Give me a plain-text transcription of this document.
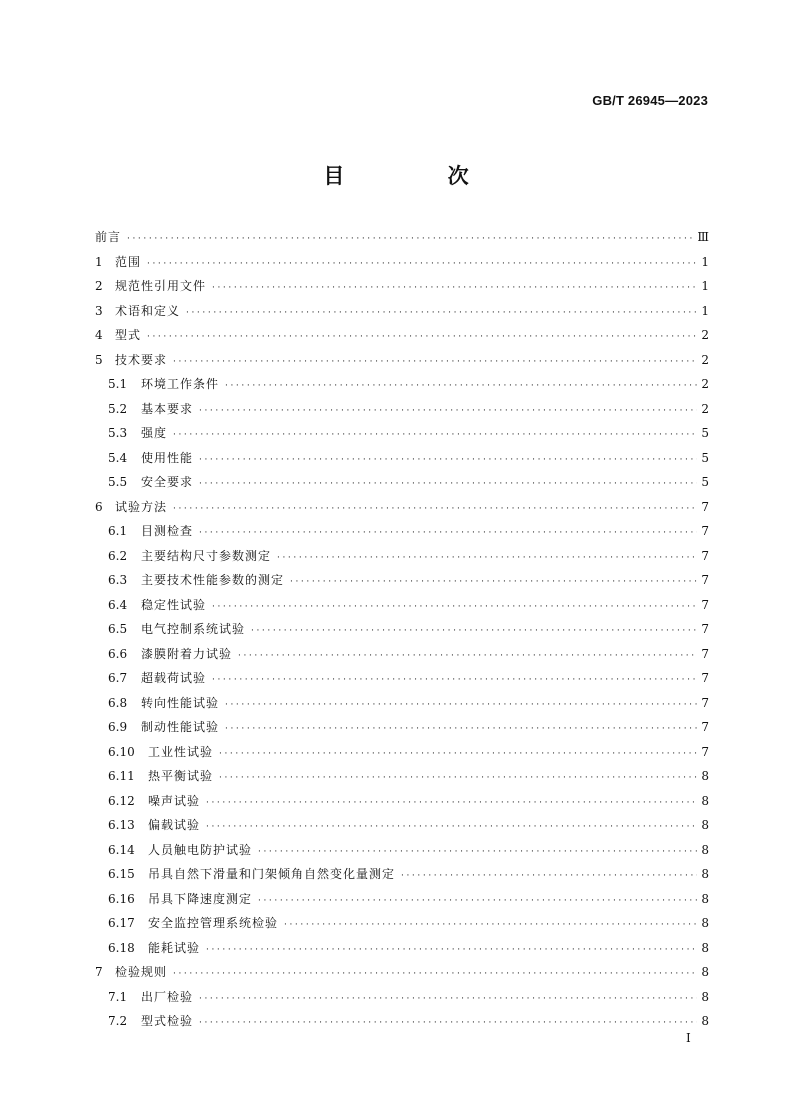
GB/T 26945—2023
目 次
前言 ·····	Ⅲ
1	范围 ·····	1
2	规范性引用文件 ·····	1
3	术语和定义 ·····	1
4	型式 ·····	2
5	技术要求 ·····	2
5.1	环境工作条件 ·····	2
5.2	基本要求 ·····	2
5.3	强度 ·····	5
5.4	使用性能 ·····	5
5.5	安全要求 ·····	5
6	试验方法 ·····	7
6.1	目测检查 ·····	7
6.2	主要结构尺寸参数测定 ·····	7
6.3	主要技术性能参数的测定 ·····	7
6.4	稳定性试验 ·····	7
6.5	电气控制系统试验 ·····	7
6.6	漆膜附着力试验 ·····	7
6.7	超载荷试验 ·····	7
6.8	转向性能试验 ·····	7
6.9	制动性能试验 ·····	7
6.10	工业性试验 ·····	7
6.11	热平衡试验 ·····	8
6.12	噪声试验 ·····	8
6.13	偏载试验 ·····	8
6.14	人员触电防护试验 ·····	8
6.15	吊具自然下滑量和门架倾角自然变化量测定 ·····	8
6.16	吊具下降速度测定 ·····	8
6.17	安全监控管理系统检验 ·····	8
6.18	能耗试验 ·····	8
7	检验规则 ·····	8
7.1	出厂检验 ·····	8
7.2	型式检验 ·····	8
Ⅰ
